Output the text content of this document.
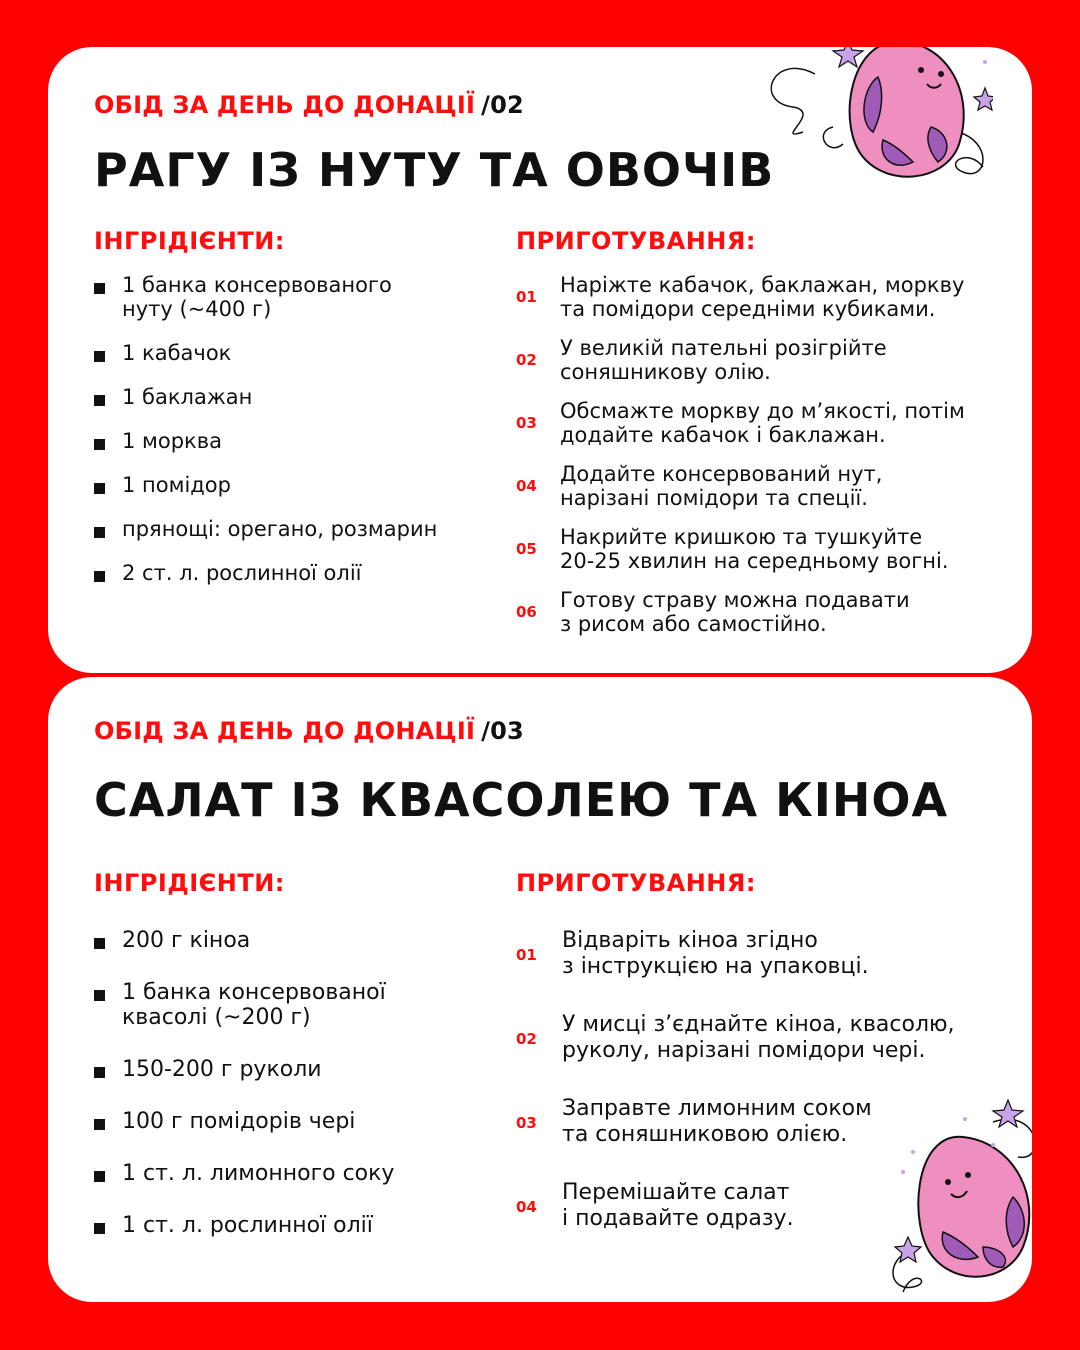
ОБІД ЗА ДЕНЬ ДО ДОНАЦІЇ /02
РАГУ ІЗ НУТУ ТА ОВОЧІВ
ІНГРІДІЄНТИ:	ПРИГОТУВАННЯ:
1 банка консервованого
нуту (~400 г)
1 кабачок
1 баклажан
1 морква
1 помідор
прянощі: орегано, розмарин
2 ст. л. рослинної олії
01 Наріжте кабачок, баклажан, моркву
та помідори середніми кубиками.
02 У великій пательні розігрійте
соняшникову олію.
03 Обсмажте моркву до м’якості, потім
додайте кабачок і баклажан.
04 Додайте консервований нут,
нарізані помідори та спеції.
05 Накрийте кришкою та тушкуйте
20-25 хвилин на середньому вогні.
06 Готову страву можна подавати
з рисом або самостійно.
ОБІД ЗА ДЕНЬ ДО ДОНАЦІЇ /03
САЛАТ ІЗ КВАСОЛЕЮ ТА КІНОА
ІНГРІДІЄНТИ:	ПРИГОТУВАННЯ:
200 г кіноа
1 банка консервованої
квасолі (~200 г)
150-200 г руколи
100 г помідорів чері
1 ст. л. лимонного соку
1 ст. л. рослинної олії
01
Відваріть кіноа згідно
з інструкцією на упаковці.
02
У мисці з’єднайте кіноа, квасолю,
руколу, нарізані помідори чері.
03
Заправте лимонним соком
та соняшниковою олією.
04
Перемішайте салат
і подавайте одразу.
